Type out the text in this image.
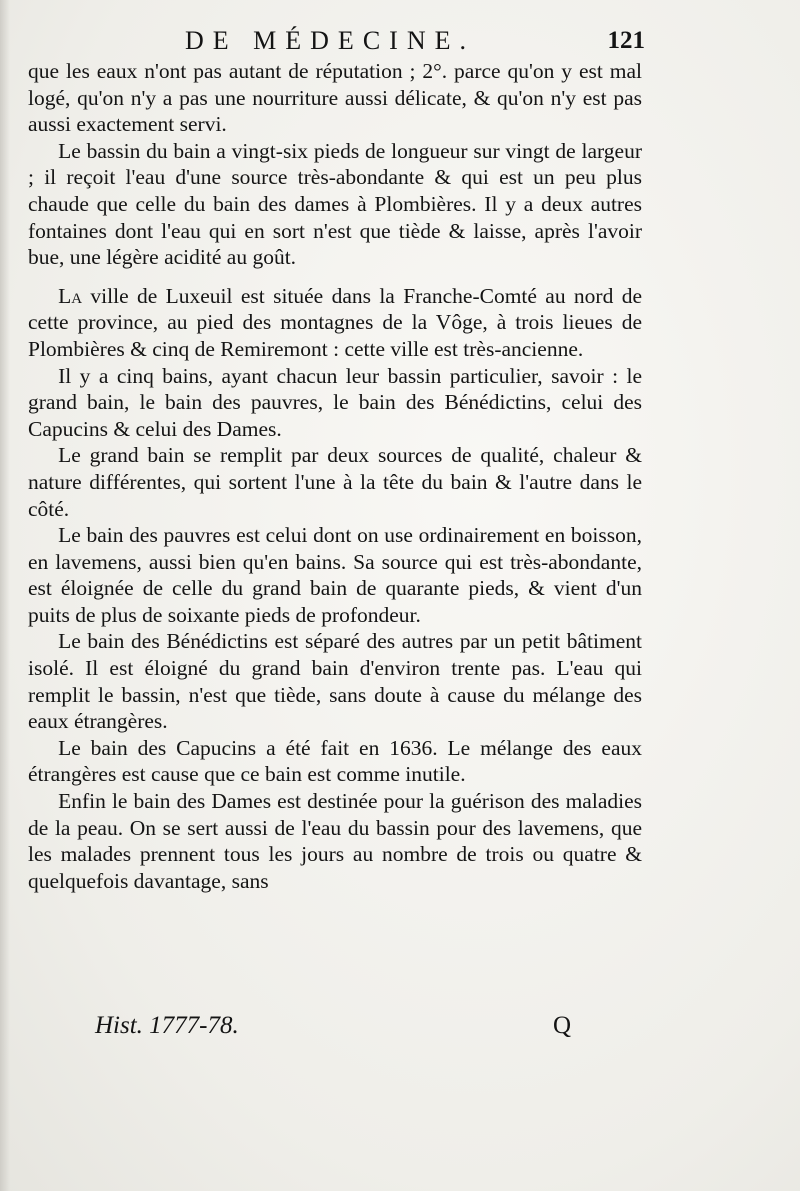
DE MÉDECINE.	121

que les eaux n'ont pas autant de réputation ; 2°. parce qu'on y est mal logé, qu'on n'y a pas une nourriture aussi délicate, & qu'on n'y est pas aussi exactement servi.

Le bassin du bain a vingt-six pieds de longueur sur vingt de largeur ; il reçoit l'eau d'une source très-abondante & qui est un peu plus chaude que celle du bain des dames à Plombières. Il y a deux autres fontaines dont l'eau qui en sort n'est que tiède & laisse, après l'avoir bue, une légère acidité au goût.

La ville de Luxeuil est située dans la Franche-Comté au nord de cette province, au pied des montagnes de la Vôge, à trois lieues de Plombières & cinq de Remiremont : cette ville est très-ancienne.

Il y a cinq bains, ayant chacun leur bassin particulier, savoir : le grand bain, le bain des pauvres, le bain des Bénédictins, celui des Capucins & celui des Dames.

Le grand bain se remplit par deux sources de qualité, chaleur & nature différentes, qui sortent l'une à la tête du bain & l'autre dans le côté.

Le bain des pauvres est celui dont on use ordinairement en boisson, en lavemens, aussi bien qu'en bains. Sa source qui est très-abondante, est éloignée de celle du grand bain de quarante pieds, & vient d'un puits de plus de soixante pieds de profondeur.

Le bain des Bénédictins est séparé des autres par un petit bâtiment isolé. Il est éloigné du grand bain d'environ trente pas. L'eau qui remplit le bassin, n'est que tiède, sans doute à cause du mélange des eaux étrangères.

Le bain des Capucins a été fait en 1636. Le mélange des eaux étrangères est cause que ce bain est comme inutile.

Enfin le bain des Dames est destinée pour la guérison des maladies de la peau. On se sert aussi de l'eau du bassin pour des lavemens, que les malades prennent tous les jours au nombre de trois ou quatre & quelquefois davantage, sans

Hist. 1777-78.	Q
